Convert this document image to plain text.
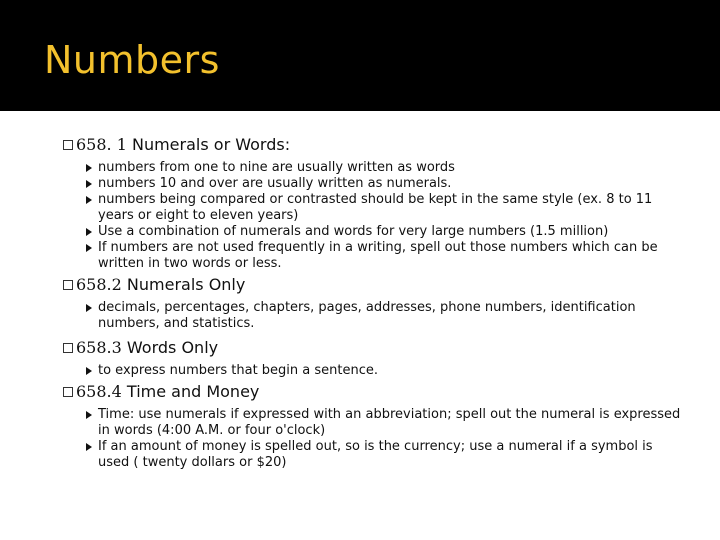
Numbers
658. 1 Numerals or Words:
numbers from one to nine are usually written as words
numbers 10 and over are usually written as numerals.
numbers being compared or contrasted should be kept in the same style (ex. 8 to 11 years or eight to eleven years)
Use a combination of numerals and words for very large numbers (1.5 million)
If numbers are not used frequently in a writing, spell out those numbers which can be written in two words or less.
658.2 Numerals Only
decimals, percentages, chapters, pages, addresses, phone numbers, identification numbers, and statistics.
658.3 Words Only
to express numbers that begin a sentence.
658.4 Time and Money
Time: use numerals if expressed with an abbreviation; spell out the numeral is expressed in words (4:00 A.M. or four o'clock)
If an amount of money is spelled out, so is the currency; use a numeral if a symbol is used ( twenty dollars or $20)
